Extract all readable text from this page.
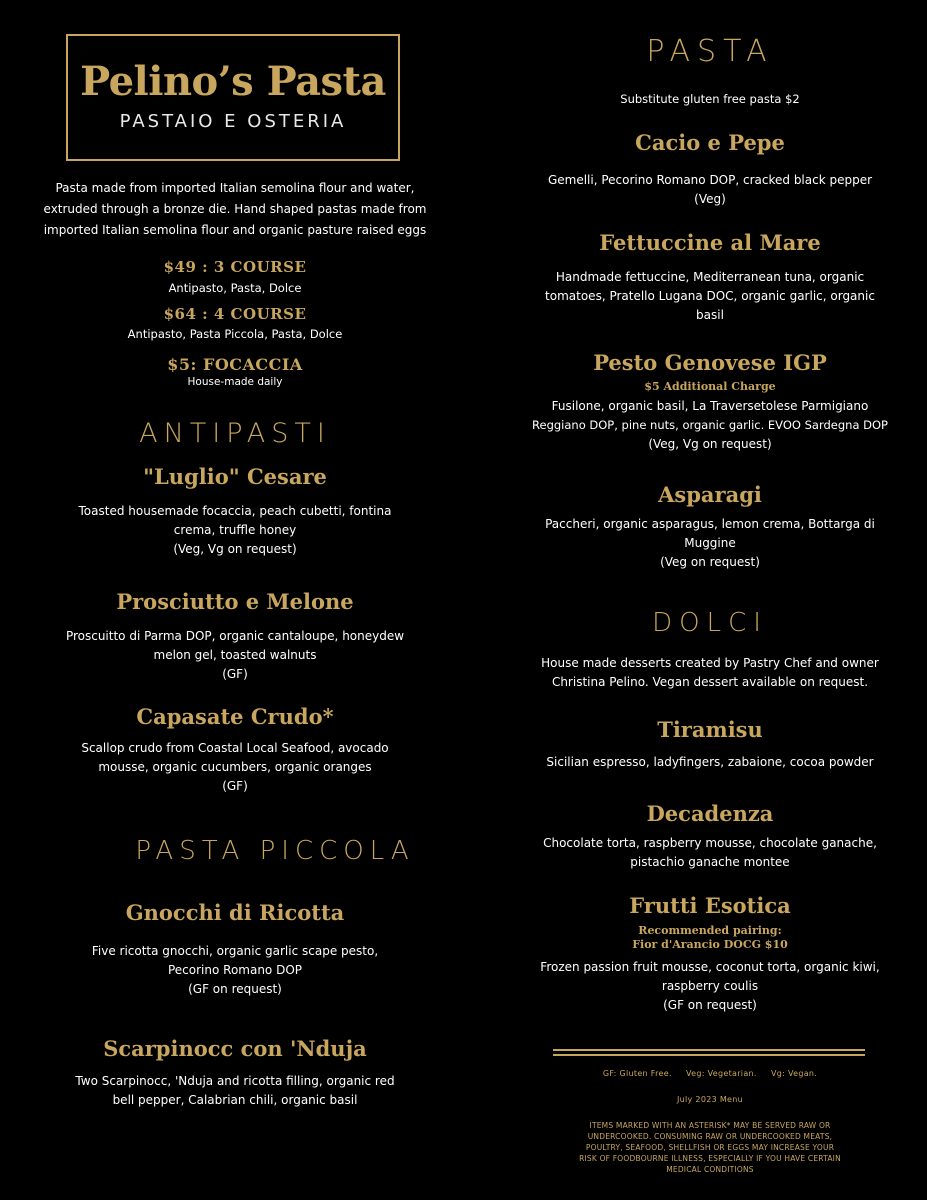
Pelino’s Pasta
PASTAIO E OSTERIA
Pasta made from imported Italian semolina flour and water,
extruded through a bronze die. Hand shaped pastas made from
imported Italian semolina flour and organic pasture raised eggs
$49 : 3 COURSE
Antipasto, Pasta, Dolce
$64 : 4 COURSE
Antipasto, Pasta Piccola, Pasta, Dolce
$5: FOCACCIA
House-made daily
ANTIPASTI
"Luglio" Cesare
Toasted housemade focaccia, peach cubetti, fontina
crema, truffle honey
(Veg, Vg on request)
Prosciutto e Melone
Proscuitto di Parma DOP, organic cantaloupe, honeydew
melon gel, toasted walnuts
(GF)
Capasate Crudo*
Scallop crudo from Coastal Local Seafood, avocado
mousse, organic cucumbers, organic oranges
(GF)
PASTA PICCOLA
Gnocchi di Ricotta
Five ricotta gnocchi, organic garlic scape pesto,
Pecorino Romano DOP
(GF on request)
Scarpinocc con 'Nduja
Two Scarpinocc, 'Nduja and ricotta filling, organic red
bell pepper, Calabrian chili, organic basil
PASTA
Substitute gluten free pasta $2
Cacio e Pepe
Gemelli, Pecorino Romano DOP, cracked black pepper
(Veg)
Fettuccine al Mare
Handmade fettuccine, Mediterranean tuna, organic
tomatoes, Pratello Lugana DOC, organic garlic, organic
basil
Pesto Genovese IGP
$5 Additional Charge
Fusilone, organic basil, La Traversetolese Parmigiano
Reggiano DOP, pine nuts, organic garlic. EVOO Sardegna DOP
(Veg, Vg on request)
Asparagi
Paccheri, organic asparagus, lemon crema, Bottarga di
Muggine
(Veg on request)
DOLCI
House made desserts created by Pastry Chef and owner
Christina Pelino. Vegan dessert available on request.
Tiramisu
Sicilian espresso, ladyfingers, zabaione, cocoa powder
Decadenza
Chocolate torta, raspberry mousse, chocolate ganache,
pistachio ganache montee
Frutti Esotica
Recommended pairing:
Fior d'Arancio DOCG $10
Frozen passion fruit mousse, coconut torta, organic kiwi,
raspberry coulis
(GF on request)
GF: Gluten Free.     Veg: Vegetarian.     Vg: Vegan.
July 2023 Menu
ITEMS MARKED WITH AN ASTERISK* MAY BE SERVED RAW OR
UNDERCOOKED. CONSUMING RAW OR UNDERCOOKED MEATS,
POULTRY, SEAFOOD, SHELLFISH OR EGGS MAY INCREASE YOUR
RISK OF FOODBOURNE ILLNESS, ESPECIALLY IF YOU HAVE CERTAIN
MEDICAL CONDITIONS
